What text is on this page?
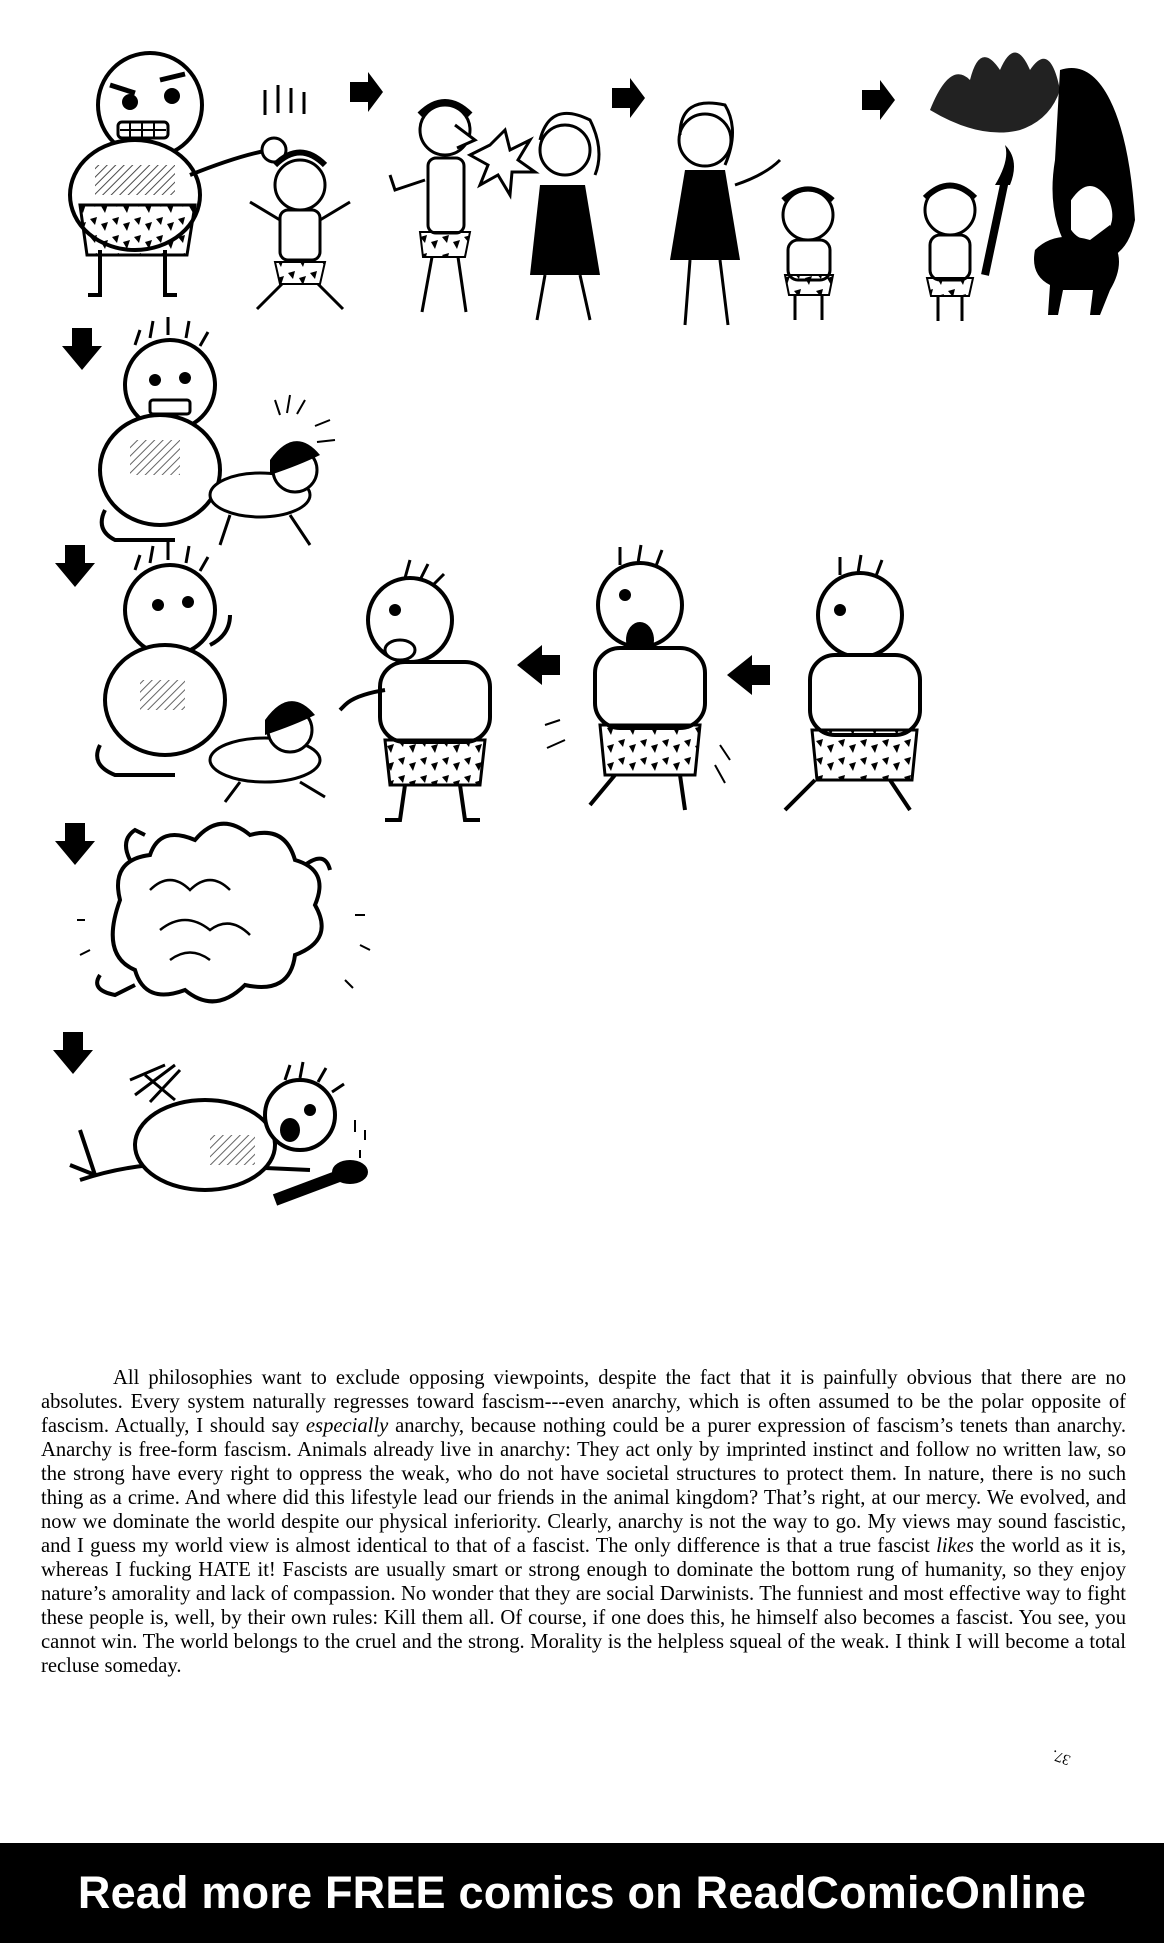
All philosophies want to exclude opposing viewpoints, despite the fact that it is painfully obvious that there are no absolutes. Every system naturally regresses toward fascism---even anarchy, which is often assumed to be the polar opposite of fascism. Actually, I should say especially anarchy, because nothing could be a purer expression of fascism’s tenets than anarchy. Anarchy is free-form fascism. Animals already live in anarchy: They act only by imprinted instinct and follow no written law, so the strong have every right to oppress the weak, who do not have societal structures to protect them. In nature, there is no such thing as a crime. And where did this lifestyle lead our friends in the animal kingdom? That’s right, at our mercy. We evolved, and now we dominate the world despite our physical inferiority. Clearly, anarchy is not the way to go. My views may sound fascistic, and I guess my world view is almost identical to that of a fascist. The only difference is that a true fascist likes the world as it is, whereas I fucking HATE it! Fascists are usually smart or strong enough to dominate the bottom rung of humanity, so they enjoy nature’s amorality and lack of compassion. No wonder that they are social Darwinists. The funniest and most effective way to fight these people is, well, by their own rules: Kill them all. Of course, if one does this, he himself also becomes a fascist. You see, you cannot win. The world belongs to the cruel and the strong. Morality is the helpless squeal of the weak. I think I will become a total recluse someday.

37.
Read more FREE comics on ReadComicOnline
